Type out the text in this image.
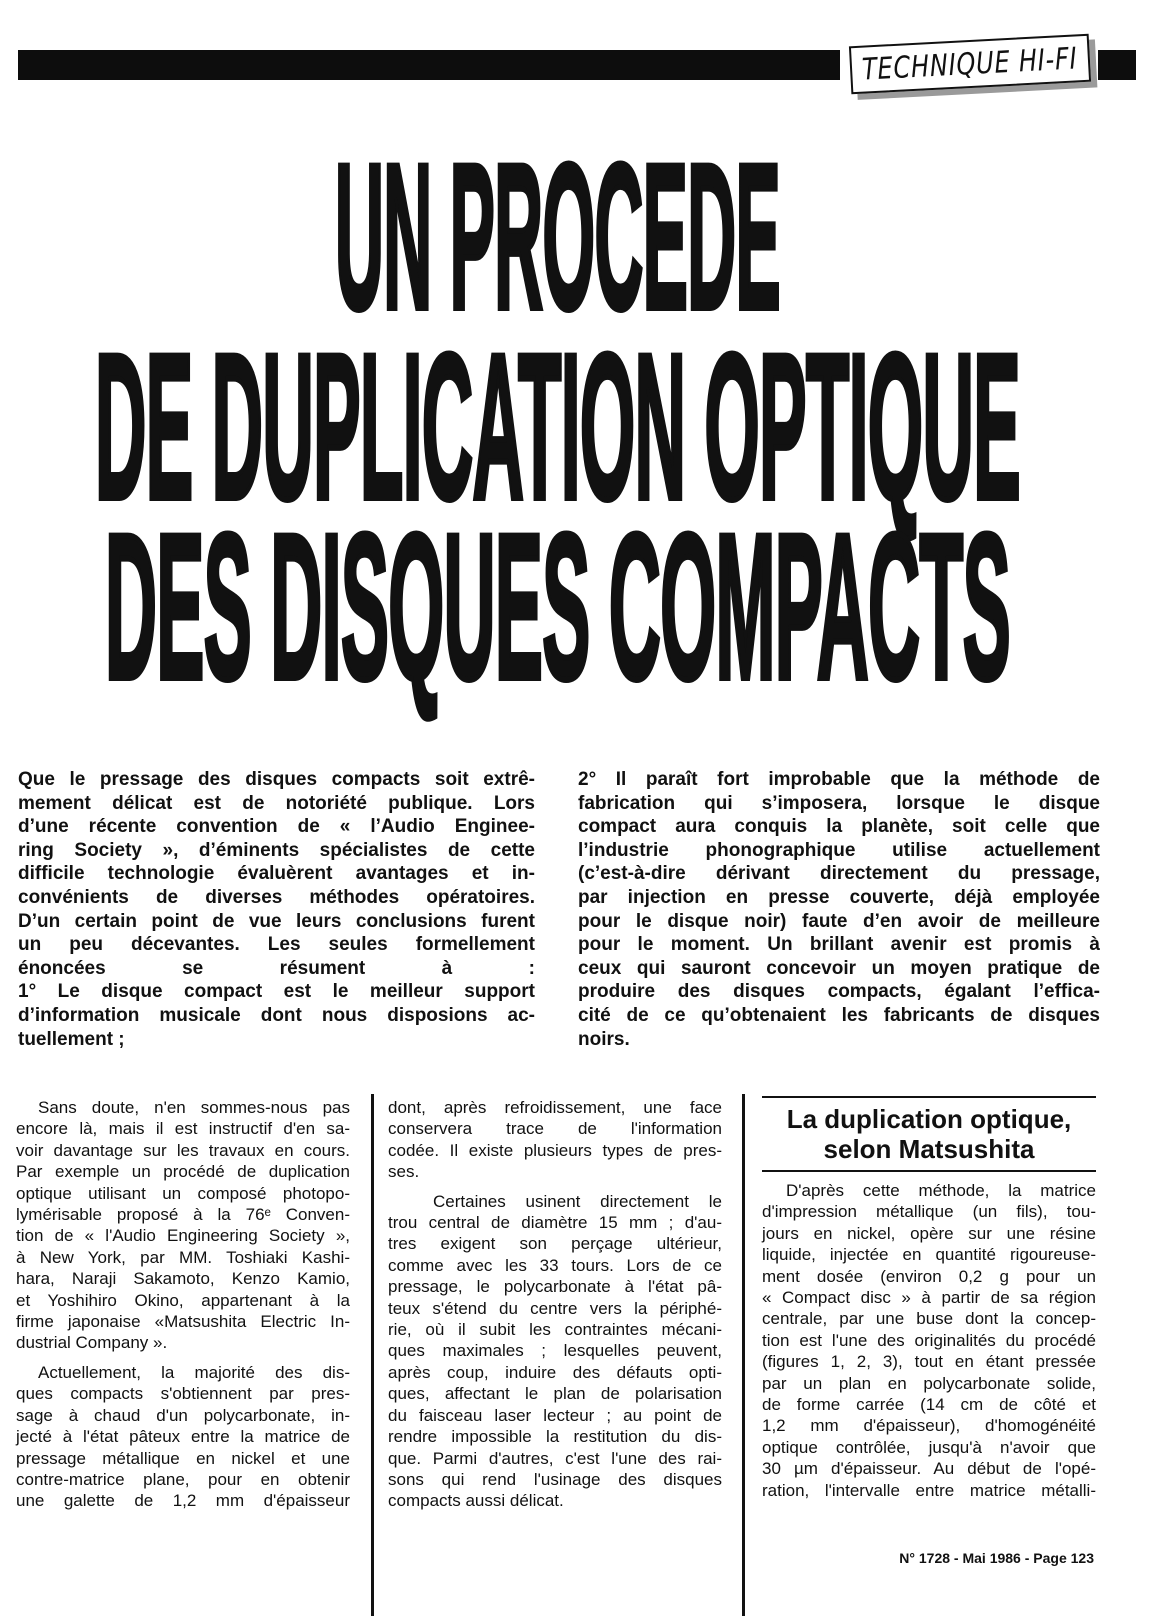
TECHNIQUE HI-FI
UN PROCEDE
DE DUPLICATION OPTIQUE
DES DISQUES COMPACTS
Que le pressage des disques compacts soit extrê-
mement délicat est de notoriété publique. Lors
d’une récente convention de « l’Audio Enginee-
ring Society », d’éminents spécialistes de cette
difficile technologie évaluèrent avantages et in-
convénients de diverses méthodes opératoires.
D’un certain point de vue leurs conclusions furent
un peu décevantes. Les seules formellement
énoncées se résument à :
1° Le disque compact est le meilleur support
d’information musicale dont nous disposions ac-
tuellement ;
2° Il paraît fort improbable que la méthode de
fabrication qui s’imposera, lorsque le disque
compact aura conquis la planète, soit celle que
l’industrie phonographique utilise actuellement
(c’est-à-dire dérivant directement du pressage,
par injection en presse couverte, déjà employée
pour le disque noir) faute d’en avoir de meilleure
pour le moment. Un brillant avenir est promis à
ceux qui sauront concevoir un moyen pratique de
produire des disques compacts, égalant l’effica-
cité de ce qu’obtenaient les fabricants de disques
noirs.
Sans doute, n'en sommes-nous pas
encore là, mais il est instructif d'en sa-
voir davantage sur les travaux en cours.
Par exemple un procédé de duplication
optique utilisant un composé photopo-
lymérisable proposé à la 76ᵉ Conven-
tion de « l'Audio Engineering Society »,
à New York, par MM. Toshiaki Kashi-
hara, Naraji Sakamoto, Kenzo Kamio,
et Yoshihiro Okino, appartenant à la
firme japonaise «Matsushita Electric In-
dustrial Company ».
Actuellement, la majorité des dis-
ques compacts s'obtiennent par pres-
sage à chaud d'un polycarbonate, in-
jecté à l'état pâteux entre la matrice de
pressage métallique en nickel et une
contre-matrice plane, pour en obtenir
une galette de 1,2 mm d'épaisseur
dont, après refroidissement, une face
conservera trace de l'information
codée. Il existe plusieurs types de pres-
ses.
Certaines usinent directement le
trou central de diamètre 15 mm ; d'au-
tres exigent son perçage ultérieur,
comme avec les 33 tours. Lors de ce
pressage, le polycarbonate à l'état pâ-
teux s'étend du centre vers la périphé-
rie, où il subit les contraintes mécani-
ques maximales ; lesquelles peuvent,
après coup, induire des défauts opti-
ques, affectant le plan de polarisation
du faisceau laser lecteur ; au point de
rendre impossible la restitution du dis-
que. Parmi d'autres, c'est l'une des rai-
sons qui rend l'usinage des disques
compacts aussi délicat.
La duplication optique,
selon Matsushita
D'après cette méthode, la matrice
d'impression métallique (un fils), tou-
jours en nickel, opère sur une résine
liquide, injectée en quantité rigoureuse-
ment dosée (environ 0,2 g pour un
« Compact disc » à partir de sa région
centrale, par une buse dont la concep-
tion est l'une des originalités du procédé
(figures 1, 2, 3), tout en étant pressée
par un plan en polycarbonate solide,
de forme carrée (14 cm de côté et
1,2 mm d'épaisseur), d'homogénéité
optique contrôlée, jusqu'à n'avoir que
30 µm d'épaisseur. Au début de l'opé-
ration, l'intervalle entre matrice métalli-
N° 1728 - Mai 1986 - Page 123
